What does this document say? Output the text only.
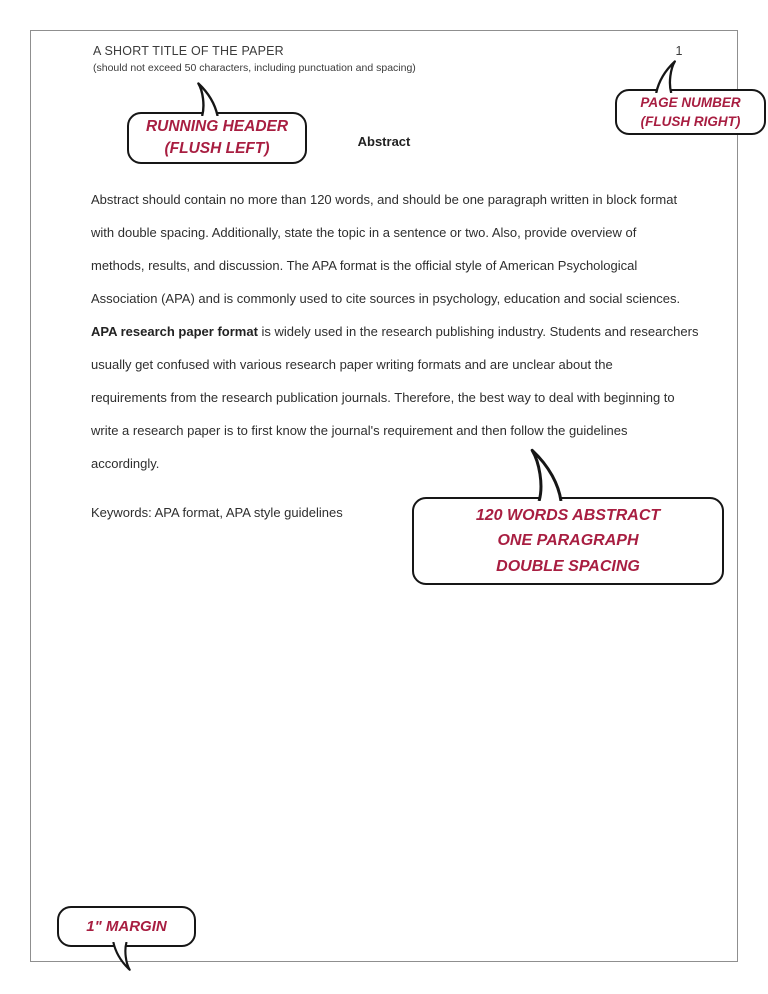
A SHORT TITLE OF THE PAPER
(should not exceed 50 characters, including punctuation and spacing)
1
Abstract
Abstract should contain no more than 120 words, and should be one paragraph written in block format
with double spacing. Additionally, state the topic in a sentence or two. Also, provide overview of
methods, results, and discussion. The APA format is the official style of American Psychological
Association (APA) and is commonly used to cite sources in psychology, education and social sciences.
APA research paper format is widely used in the research publishing industry. Students and researchers
usually get confused with various research paper writing formats and are unclear about the
requirements from the research publication journals. Therefore, the best way to deal with beginning to
write a research paper is to first know the journal's requirement and then follow the guidelines
accordingly.
Keywords: APA format, APA style guidelines
RUNNING HEADER
(FLUSH LEFT)
PAGE NUMBER
(FLUSH RIGHT)
120 WORDS ABSTRACT
ONE PARAGRAPH
DOUBLE SPACING
1" MARGIN
